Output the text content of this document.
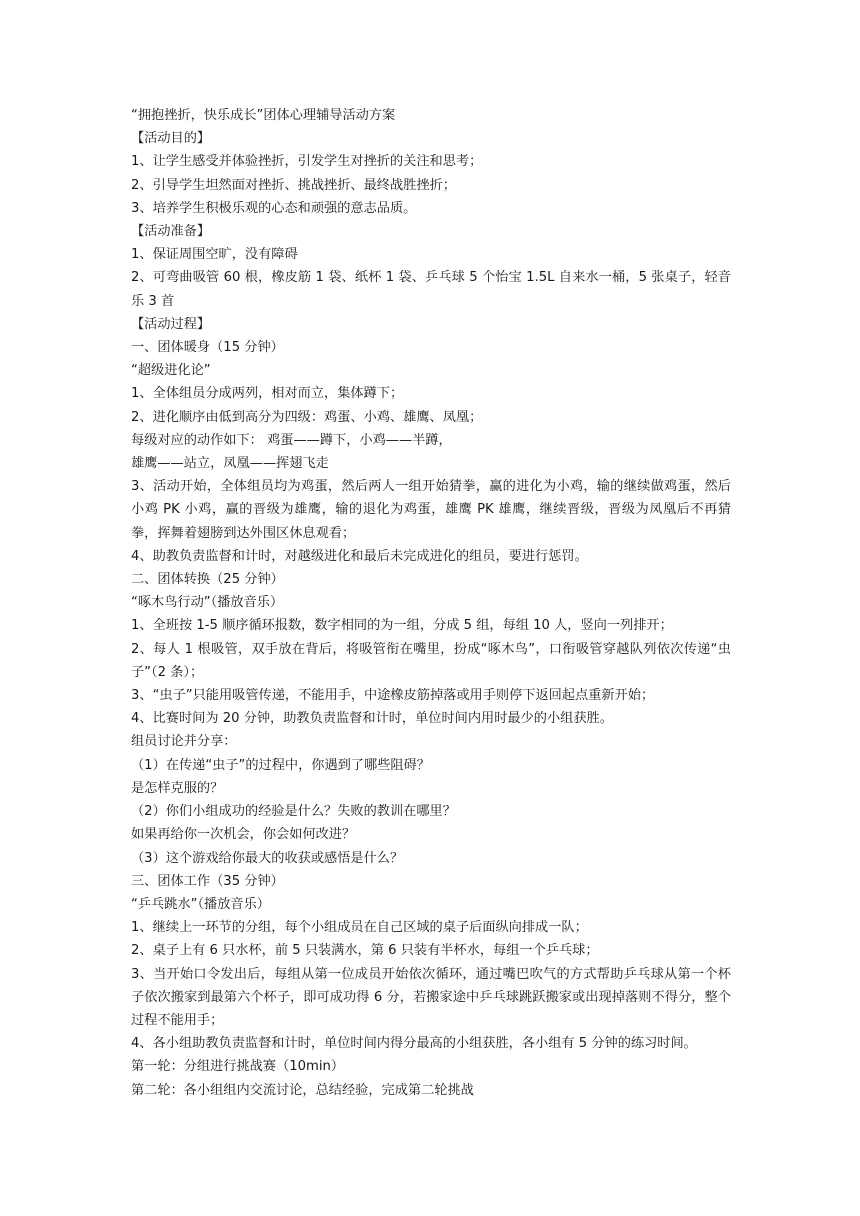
“拥抱挫折，快乐成长”团体心理辅导活动方案

【活动目的】

1、让学生感受并体验挫折，引发学生对挫折的关注和思考；

2、引导学生坦然面对挫折、挑战挫折、最终战胜挫折；

3、培养学生积极乐观的心态和顽强的意志品质。

【活动准备】

1、保证周围空旷，没有障碍

2、可弯曲吸管 60 根，橡皮筋 1 袋、纸杯 1 袋、乒乓球 5 个怡宝 1.5L 自来水一桶，5 张桌子，轻音乐 3 首

【活动过程】

一、团体暖身（15 分钟）

“超级进化论”

1、全体组员分成两列，相对而立，集体蹲下；

2、进化顺序由低到高分为四级：鸡蛋、小鸡、雄鹰、凤凰；

每级对应的动作如下： 鸡蛋——蹲下，小鸡——半蹲，

雄鹰——站立，凤凰——挥翅飞走

3、活动开始，全体组员均为鸡蛋，然后两人一组开始猜拳，赢的进化为小鸡，输的继续做鸡蛋，然后小鸡 PK 小鸡，赢的晋级为雄鹰，输的退化为鸡蛋，雄鹰 PK 雄鹰，继续晋级，晋级为凤凰后不再猜拳，挥舞着翅膀到达外围区休息观看；

4、助教负责监督和计时，对越级进化和最后未完成进化的组员，要进行惩罚。

二、团体转换（25 分钟）

“啄木鸟行动”（播放音乐）

1、全班按 1-5 顺序循环报数，数字相同的为一组，分成 5 组，每组 10 人，竖向一列排开；

2、每人 1 根吸管，双手放在背后，将吸管衔在嘴里，扮成“啄木鸟”，口衔吸管穿越队列依次传递“虫子”（2 条）；

3、“虫子”只能用吸管传递，不能用手，中途橡皮筋掉落或用手则停下返回起点重新开始；

4、比赛时间为 20 分钟，助教负责监督和计时，单位时间内用时最少的小组获胜。

组员讨论并分享：

（1）在传递“虫子”的过程中，你遇到了哪些阻碍？

是怎样克服的？

（2）你们小组成功的经验是什么？失败的教训在哪里？

如果再给你一次机会，你会如何改进？

（3）这个游戏给你最大的收获或感悟是什么？

三、团体工作（35 分钟）

“乒乓跳水”（播放音乐）

1、继续上一环节的分组，每个小组成员在自己区域的桌子后面纵向排成一队；

2、桌子上有 6 只水杯，前 5 只装满水，第 6 只装有半杯水，每组一个乒乓球；

3、当开始口令发出后，每组从第一位成员开始依次循环，通过嘴巴吹气的方式帮助乒乓球从第一个杯子依次搬家到最第六个杯子，即可成功得 6 分，若搬家途中乒乓球跳跃搬家或出现掉落则不得分，整个过程不能用手；

4、各小组助教负责监督和计时，单位时间内得分最高的小组获胜，各小组有 5 分钟的练习时间。

第一轮：分组进行挑战赛（10min）

第二轮：各小组组内交流讨论，总结经验，完成第二轮挑战
